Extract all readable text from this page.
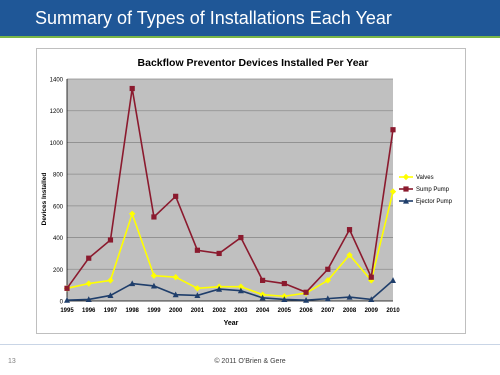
Summary of Types of Installations Each Year
Backflow Preventor Devices Installed Per Year
0
200
400
600
800
1000
1200
1400
1995 1996 1997 1998 1999 2000 2001 2002 2003 2004 2005 2006 2007 2008 2009 2010
Year
Devices Installed	Valves
Sump Pump
Ejector Pump
13	© 2011 O'Brien & Gere
